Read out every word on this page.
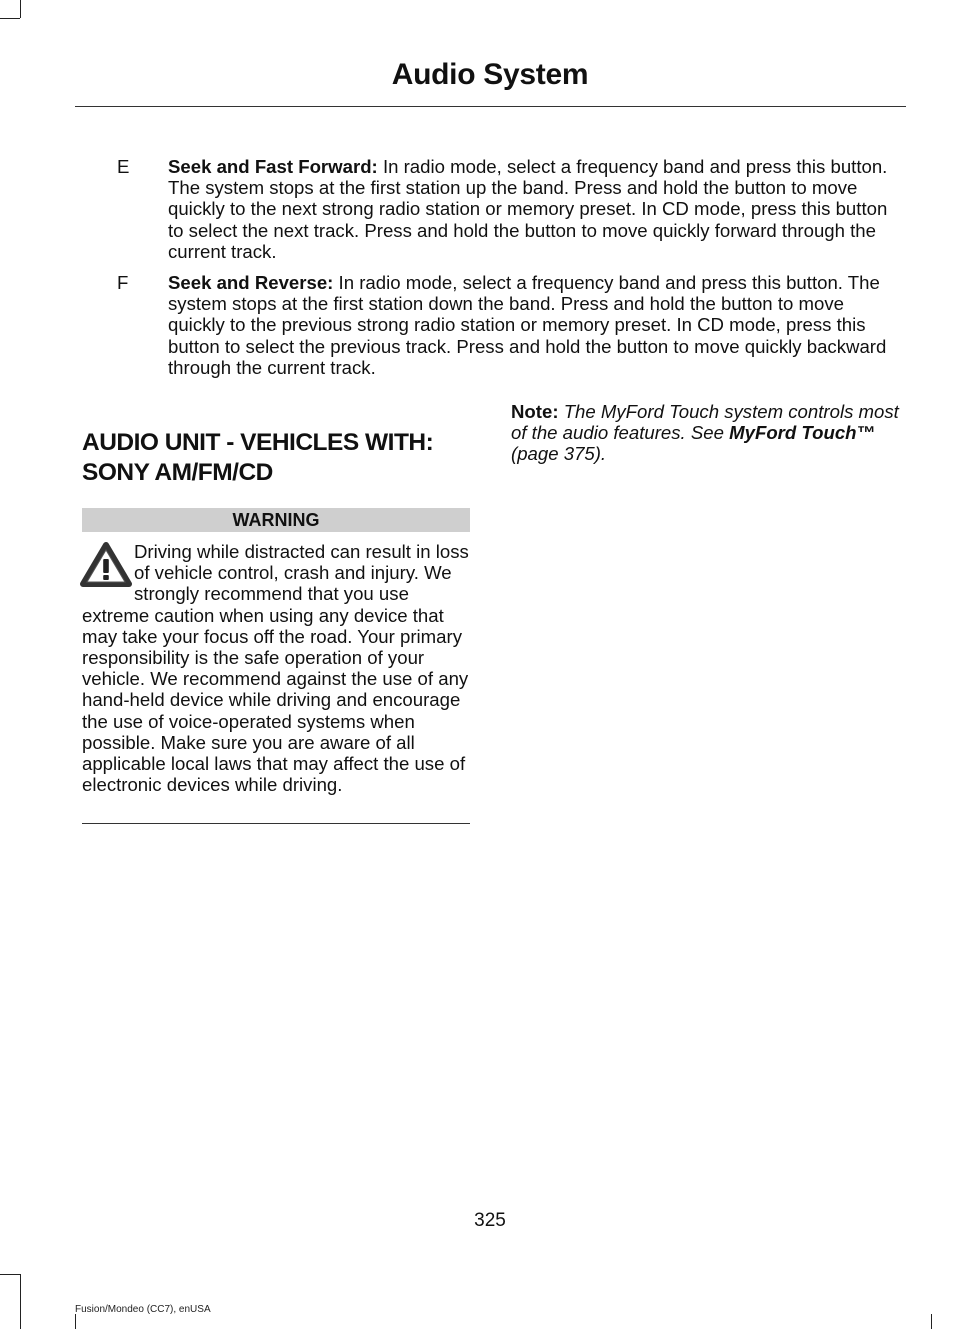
Audio System
E Seek and Fast Forward: In radio mode, select a frequency band and press this button. The system stops at the first station up the band. Press and hold the button to move quickly to the next strong radio station or memory preset. In CD mode, press this button to select the next track. Press and hold the button to move quickly forward through the current track.
F Seek and Reverse: In radio mode, select a frequency band and press this button. The system stops at the first station down the band. Press and hold the button to move quickly to the previous strong radio station or memory preset. In CD mode, press this button to select the previous track. Press and hold the button to move quickly backward through the current track.
AUDIO UNIT - VEHICLES WITH: SONY AM/FM/CD
WARNING
Driving while distracted can result in loss of vehicle control, crash and injury. We strongly recommend that you use extreme caution when using any device that may take your focus off the road. Your primary responsibility is the safe operation of your vehicle. We recommend against the use of any hand-held device while driving and encourage the use of voice-operated systems when possible. Make sure you are aware of all applicable local laws that may affect the use of electronic devices while driving.
Note: The MyFord Touch system controls most of the audio features. See MyFord Touch™ (page 375).
325
Fusion/Mondeo (CC7), enUSA
